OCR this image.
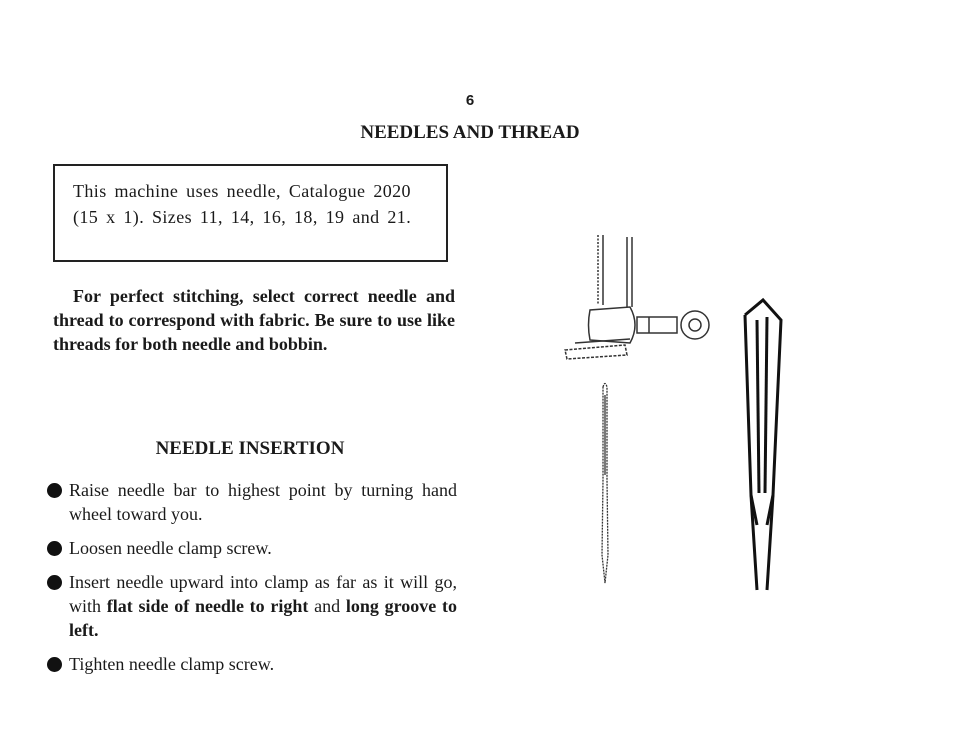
6
NEEDLES AND THREAD
This machine uses needle, Catalogue 2020 (15 x 1). Sizes 11, 14, 16, 18, 19 and 21.
For perfect stitching, select correct needle and thread to correspond with fabric. Be sure to use like threads for both needle and bobbin.
NEEDLE INSERTION
Raise needle bar to highest point by turning hand wheel toward you.
Loosen needle clamp screw.
Insert needle upward into clamp as far as it will go, with flat side of needle to right and long groove to left.
Tighten needle clamp screw.
